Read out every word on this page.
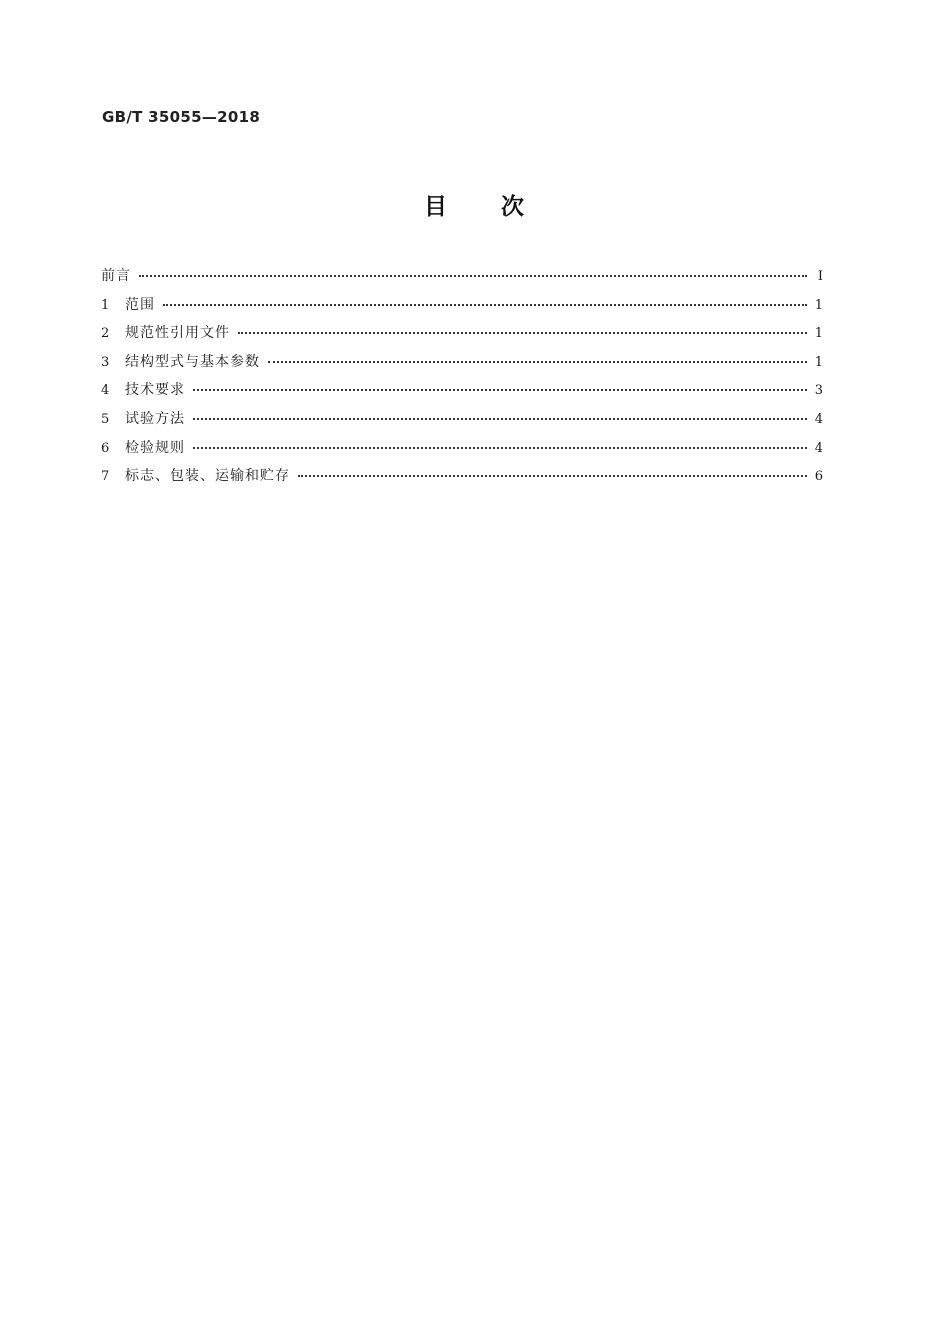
GB/T 35055—2018
目 次
前言	Ⅰ
1	范围	1
2	规范性引用文件	1
3	结构型式与基本参数	1
4	技术要求	3
5	试验方法	4
6	检验规则	4
7	标志、包装、运输和贮存	6
